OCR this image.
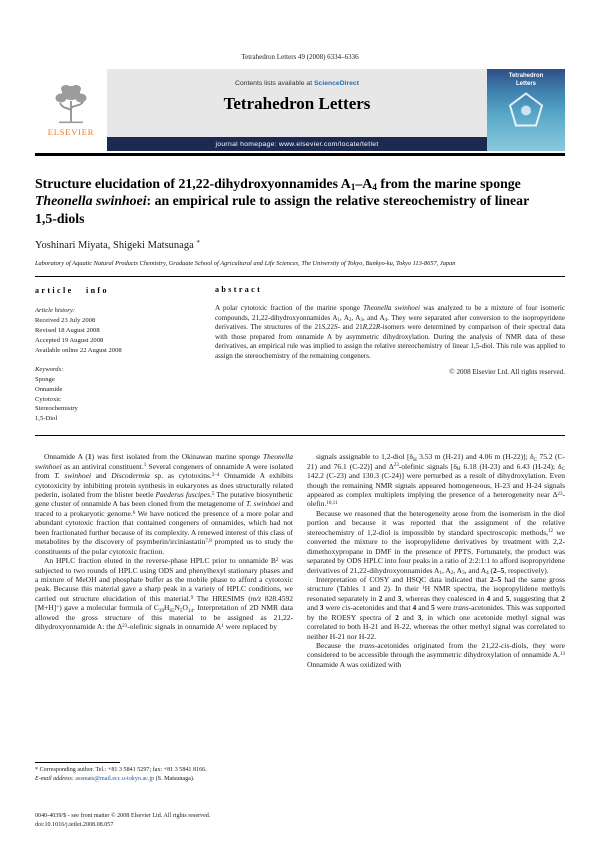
Tetrahedron Letters 49 (2008) 6334–6336
ELSEVIER
Contents lists available at ScienceDirect
Tetrahedron Letters
journal homepage: www.elsevier.com/locate/tetlet
Tetrahedron
Letters
Structure elucidation of 21,22-dihydroxyonnamides $A_1-A_4$ from the marine sponge Theonella swinhoei: an empirical rule to assign the relative stereochemistry of linear 1,5-diols
Yoshinari Miyata, Shigeki Matsunaga *
Laboratory of Aquatic Natural Products Chemistry, Graduate School of Agricultural and Life Sciences, The University of Tokyo, Bunkyo-ku, Tokyo 113-8657, Japan
article info
Article history:
Received 23 July 2008
Revised 18 August 2008
Accepted 19 August 2008
Available online 22 August 2008
Keywords:
Sponge
Onnamide
Cytotoxic
Stereochemistry
1,5-Diol
abstract
A polar cytotoxic fraction of the marine sponge Theonella swinhoei was analyzed to be a mixture of four isomeric compounds, 21,22-dihydroxyonnamides $A_1$, $A_2$, $A_3$, and $A_4$. They were separated after conversion to the isopropyridene derivatives. The structures of the 21S,22S- and 21R,22R-isomers were determined by comparison of their spectral data with those prepared from onnamide A by asymmetric dihydroxylation. During the analysis of NMR data of these derivatives, an empirical rule was implied to assign the relative stereochemistry of linear 1,5-diol. This rule was applied to assign the stereochemistry of the remaining congeners.
© 2008 Elsevier Ltd. All rights reserved.

Onnamide A (1) was first isolated from the Okinawan marine sponge Theonella swinhoei as an antiviral constituent.$^1$ Several congeners of onnamide A were isolated from T. swinhoei and Discodermia sp. as cytotoxins.$^{2-4}$ Onnamide A exhibits cytotoxicity by inhibiting protein synthesis in eukaryotes as does structurally related pederin, isolated from the blister beetle Paederus fuscipes.$^5$ The putative biosynthetic gene cluster of onnamide A has been cloned from the metagenome of T. swinhoei and traced to a prokaryotic genome.$^6$ We have noticed the presence of a more polar and abundant cytotoxic fraction that contained congeners of onnamides, which had not been fractionated further because of its complexity. A renewed interest of this class of metabolites by the discovery of psymberin/irciniastatin$^{7,8}$ prompted us to study the constituents of the polar cytotoxic fraction.

An HPLC fraction eluted in the reverse-phase HPLC prior to onnamide $B^2$ was subjected to two rounds of HPLC using ODS and phenylhexyl stationary phases and a mixture of MeOH and phosphate buffer as the mobile phase to afford a cytotoxic peak. Because this material gave a sharp peak in a variety of HPLC conditions, we carried out structure elucidation of this material.$^9$ The HRESIMS (m/z 828.4592 [M+H]+) gave a molecular formula of $C_{39}H_{65}N_5O_{14}$. Interpretation of 2D NMR data allowed the gross structure of this material to be assigned as 21,22-dihydroxyonnamide A: the $\Delta^{23}$-olefinic signals in onnamide $A^1$ were replaced by

signals assignable to 1,2-diol [$\delta_H$ 3.53 m (H-21) and 4.06 m (H-22)]; $\delta_C$ 75.2 (C-21) and 76.1 (C-22)] and $\Delta^{23}$-olefinic signals [$\delta_H$ 6.18 (H-23) and 6.43 (H-24); $\delta_C$ 142.2 (C-23) and 130.3 (C-24)] were perturbed as a result of dihydroxylation. Even though the remaining NMR signals appeared homogeneous, H-23 and H-24 signals appeared as complex multiplets implying the presence of a heterogeneity near $\Delta^{23}-olefin.^{10,11}$

Because we reasoned that the heterogeneity arose from the isomerism in the diol portion and because it was reported that the assignment of the relative stereochemistry of 1,2-diol is impossible by standard spectroscopic methods,$^{12}$ we converted the mixture to the isopropylidene derivatives by treatment with 2,2-dimethoxypropane in DMF in the presence of PPTS. Fortunately, the product was separated by ODS HPLC into four peaks in a ratio of 2:2:1:1 to afford isopropyridene derivatives of 21,22-dihydroxyonnamides $A_1$, $A_2$, $A_3$, and $A_4$ (2–5, respectively).

Interpretation of COSY and HSQC data indicated that 2–5 had the same gross structure (Tables 1 and 2). In their $^1$H NMR spectra, the isopropylidene methyls resonated separately in 2 and 3, whereas they coalesced in 4 and 5, suggesting that 2 and 3 were cis-acetonides and that 4 and 5 were trans-acetonides. This was supported by the ROESY spectra of 2 and 3, in which one acetonide methyl signal was correlated to both H-21 and H-22, whereas the other methyl signal was correlated to neither H-21 nor H-22.

Because the trans-acetonides originated from the 21,22-cis-diols, they were considered to be accessible through the asymmetric dihydroxylation of onnamide A.$^{13}$ Onnamide A was oxidized with

* Corresponding author. Tel.: +81 3 5841 5297; fax: +81 3 5841 8166.
E-mail address: assmats@mail.ecc.u-tokyo.ac.jp (S. Matsunaga).
0040-4039/$ - see front matter © 2008 Elsevier Ltd. All rights reserved.
doi:10.1016/j.tetlet.2008.08.057
